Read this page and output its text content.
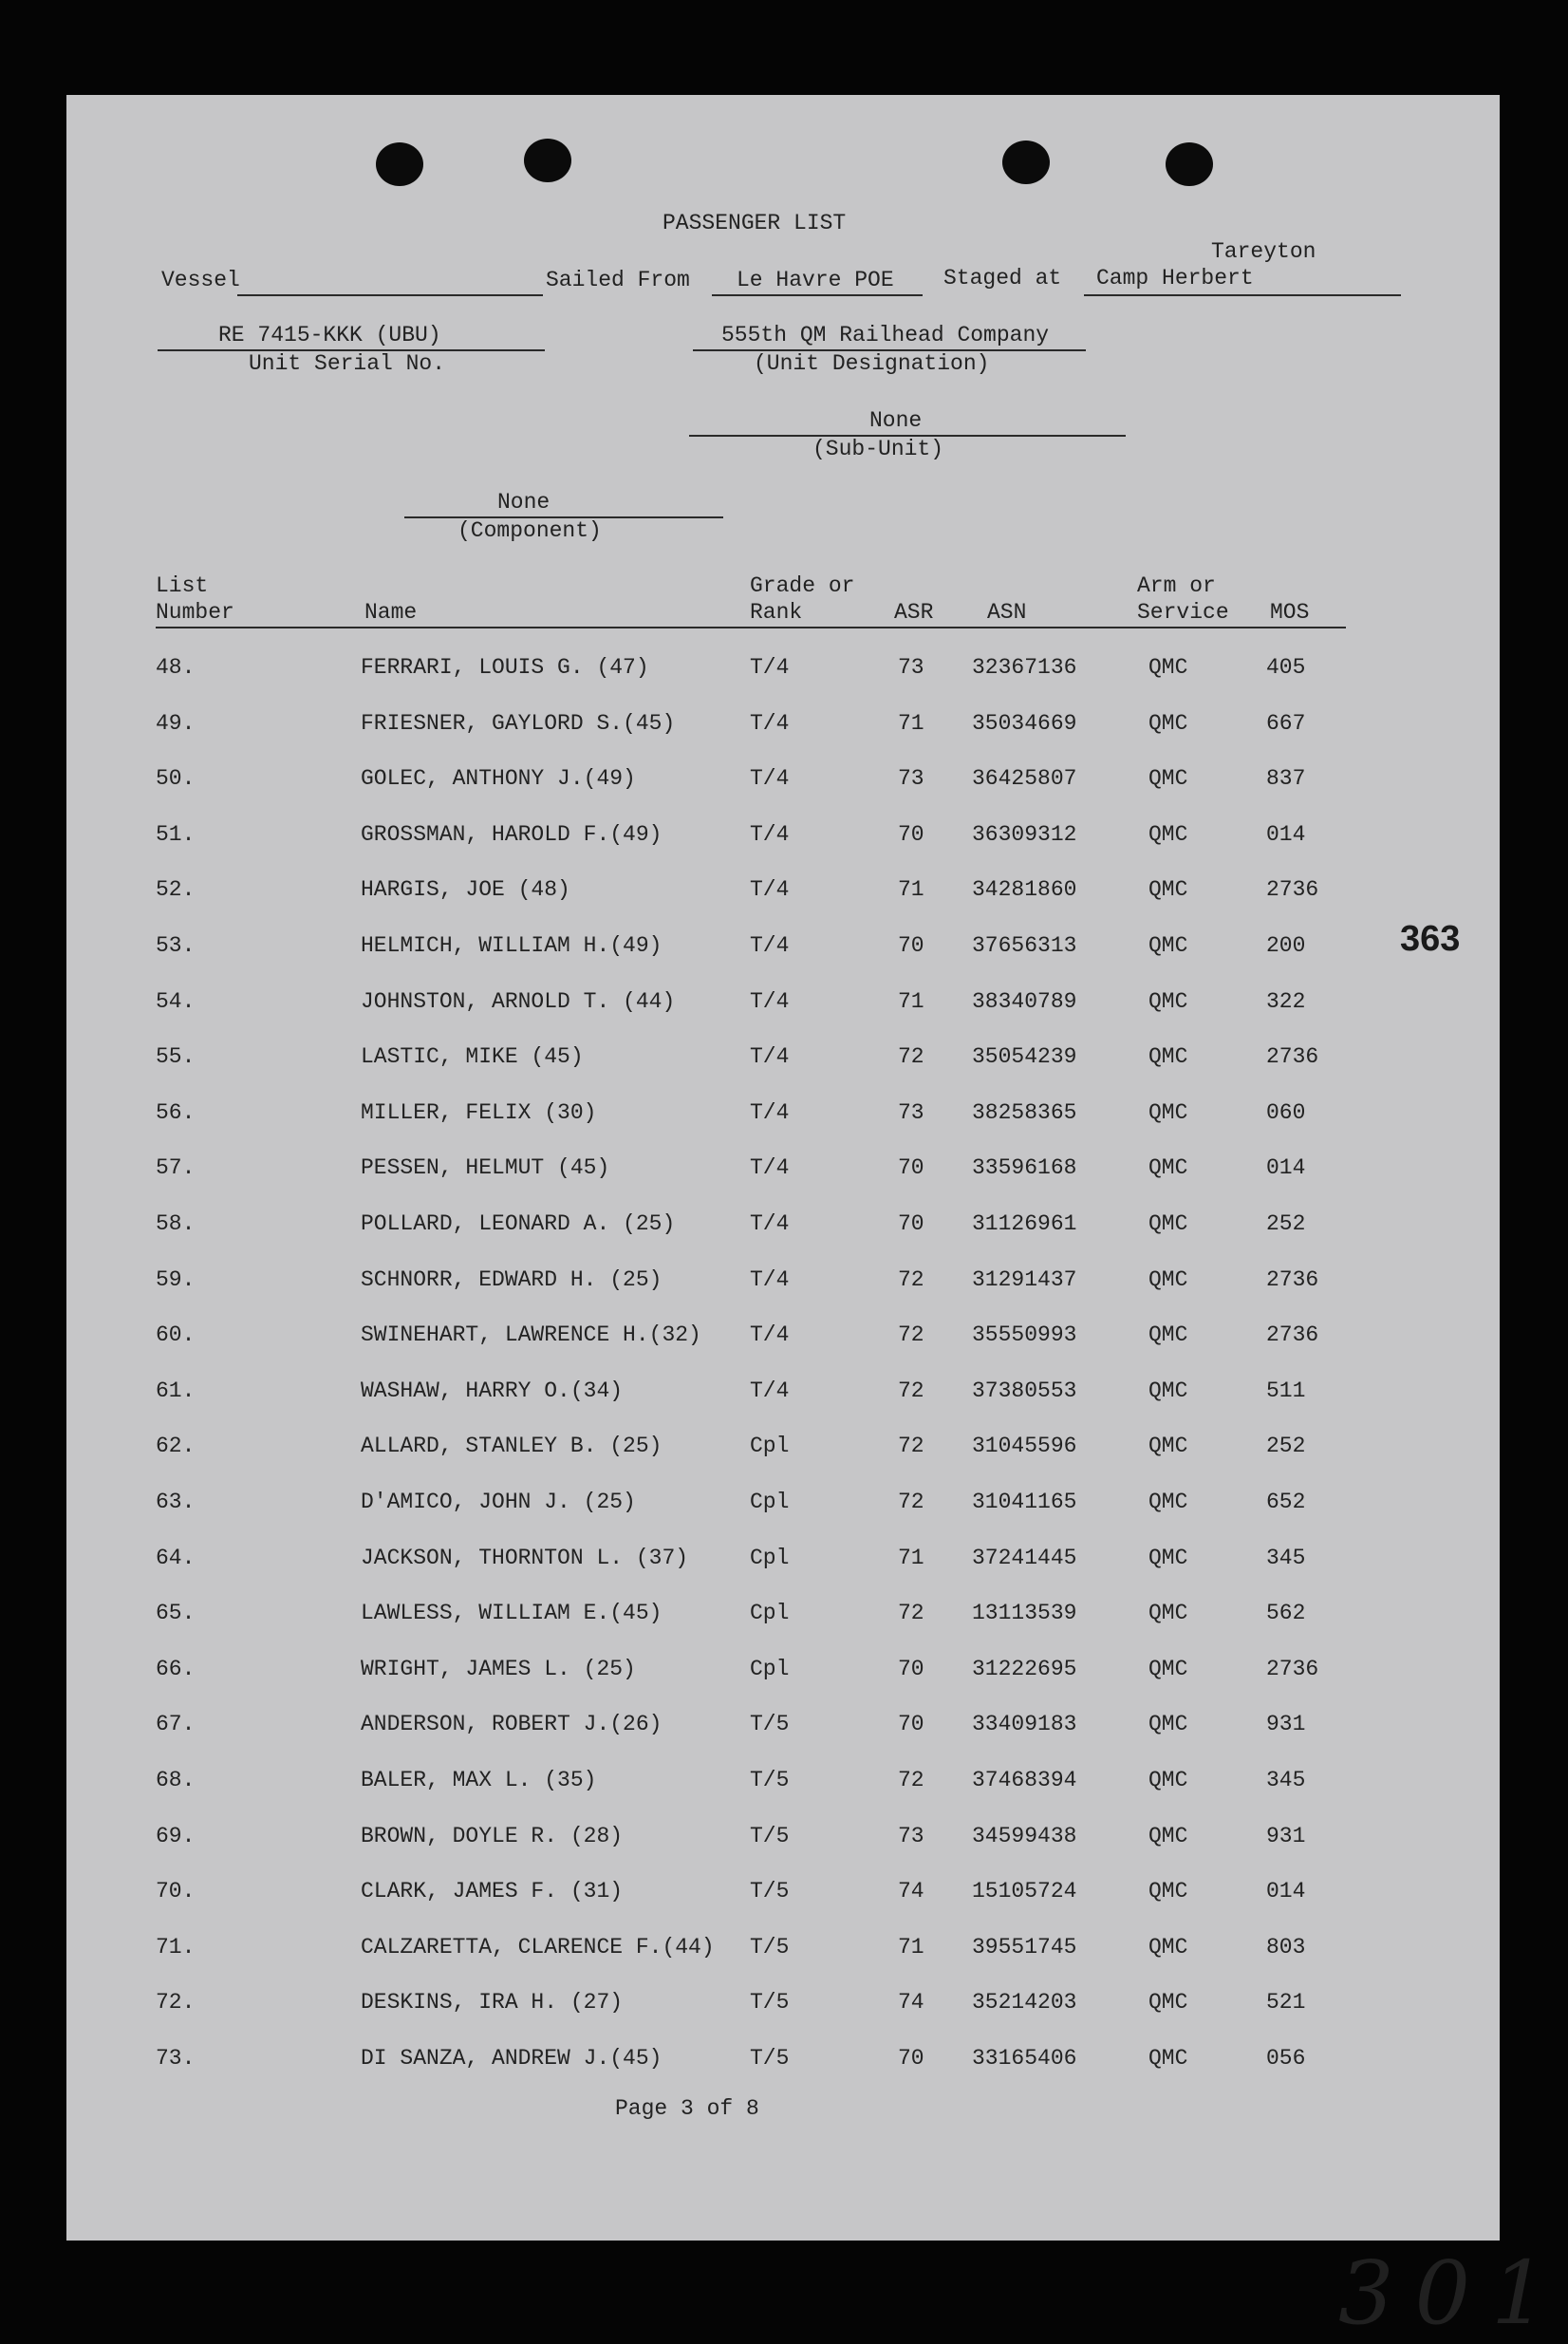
PASSENGER LIST
Tareyton
Vessel	Sailed From Le Havre POE Staged at Camp Herbert
RE 7415-KKK (UBU)
Unit Serial No.
555th QM Railhead Company
(Unit Designation)
None
(Sub-Unit)
None
(Component)
List
Number	Name
Grade or
Rank	ASR ASN
Arm or
Service MOS
48.	FERRARI, LOUIS G. (47)	T/4	73 32367136	QMC	405
49.	FRIESNER, GAYLORD S.(45)	T/4	71 35034669	QMC	667
50.	GOLEC, ANTHONY J.(49)	T/4	73 36425807	QMC	837
51.	GROSSMAN, HAROLD F.(49)	T/4	70 36309312	QMC	014
52.	HARGIS, JOE (48)	T/4	71 34281860	QMC	2736
53.	HELMICH, WILLIAM H.(49)	T/4	70 37656313	QMC	200
54.	JOHNSTON, ARNOLD T. (44)	T/4	71 38340789	QMC	322
55.	LASTIC, MIKE (45)	T/4	72 35054239	QMC	2736
56.	MILLER, FELIX (30)	T/4	73 38258365	QMC	060
57.	PESSEN, HELMUT (45)	T/4	70 33596168	QMC	014
58.	POLLARD, LEONARD A. (25)	T/4	70 31126961	QMC	252
59.	SCHNORR, EDWARD H. (25)	T/4	72 31291437	QMC	2736
60.	SWINEHART, LAWRENCE H.(32) T/4	72 35550993	QMC	2736
61.	WASHAW, HARRY O.(34)	T/4	72 37380553	QMC	511
62.	ALLARD, STANLEY B. (25)	Cpl	72 31045596	QMC	252
63.	D'AMICO, JOHN J. (25)	Cpl	72 31041165	QMC	652
64.	JACKSON, THORNTON L. (37)	Cpl	71 37241445	QMC	345
65.	LAWLESS, WILLIAM E.(45)	Cpl	72 13113539	QMC	562
66.	WRIGHT, JAMES L. (25)	Cpl	70 31222695	QMC	2736
67.	ANDERSON, ROBERT J.(26)	T/5	70 33409183	QMC	931
68.	BALER, MAX L. (35)	T/5	72 37468394	QMC	345
69.	BROWN, DOYLE R. (28)	T/5	73 34599438	QMC	931
70.	CLARK, JAMES F. (31)	T/5	74 15105724	QMC	014
71.	CALZARETTA, CLARENCE F.(44) T/5	71 39551745	QMC	803
72.	DESKINS, IRA H. (27)	T/5	74 35214203	QMC	521
73.	DI SANZA, ANDREW J.(45)	T/5	70 33165406	QMC	056
363
Page 3 of 8
301
